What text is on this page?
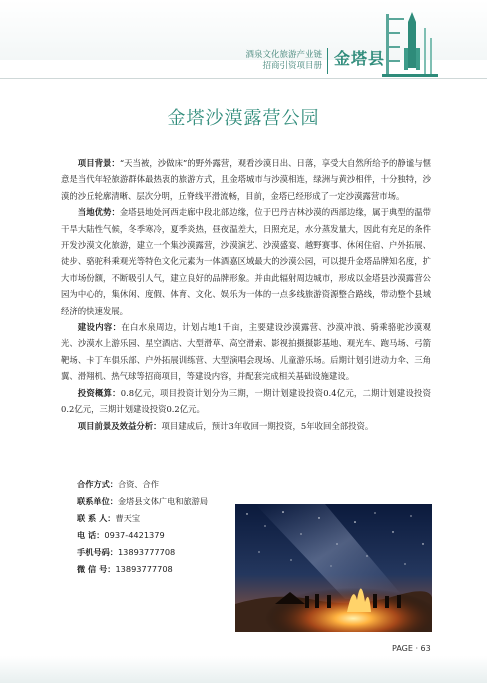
酒泉文化旅游产业链
招商引资项目册 金塔县
金塔沙漠露营公园

项目背景：“天当被，沙做床”的野外露营，观看沙漠日出、日落，享受大自然所给予的静谧与惬意是当代年轻旅游群体最热衷的旅游方式，且金塔城市与沙漠相连，绿洲与黄沙相伴，十分独特，沙漠的沙丘轮廓清晰、层次分明，丘脊线平滑流畅，目前，金塔已经形成了一定沙漠露营市场。

当地优势：金塔县地处河西走廊中段北部边缘，位于巴丹吉林沙漠的西部边缘，属于典型的温带干旱大陆性气候，冬季寒冷，夏季炎热，昼夜温差大，日照充足，水分蒸发量大，因此有充足的条件开发沙漠文化旅游，建立一个集沙漠露营，沙漠演艺、沙漠盛宴、越野赛事、休闲住宿、户外拓展、徒步、骆驼科乘观光等特色文化元素为一体酒嘉区域最大的沙漠公园，可以提升金塔品牌知名度，扩大市场份额，不断吸引人气，建立良好的品牌形象。并由此辐射周边城市，形成以金塔县沙漠露营公园为中心的，集休闲、度假、体育、文化、娱乐为一体的一点多线旅游资源整合路线，带动整个县域经济的快速发展。

建设内容：在白水泉周边，计划占地1千亩，主要建设沙漠露营、沙漠冲浪、骑乘骆驼沙漠观光、沙漠水上游乐园、星空酒店、大型滑草、高空滑索、影视拍摄摄影基地、观光车、跑马场、弓箭靶场、卡丁车俱乐部、户外拓展训练营、大型演唱会现场、儿童游乐场。后期计划引进动力伞、三角翼、滑翔机、热气球等招商项目，等建设内容，并配套完成相关基础设施建设。

投资概算：0.8亿元，项目投资计划分为三期，一期计划建设投资0.4亿元，二期计划建设投资0.2亿元，三期计划建设投资0.2亿元。

项目前景及效益分析：项目建成后，预计3年收回一期投资，5年收回全部投资。

合作方式：合资、合作
联系单位：金塔县文体广电和旅游局
联 系 人：曹天宝
电 话：0937-4421379
手机号码：13893777708
微 信 号：13893777708
PAGE · 63
